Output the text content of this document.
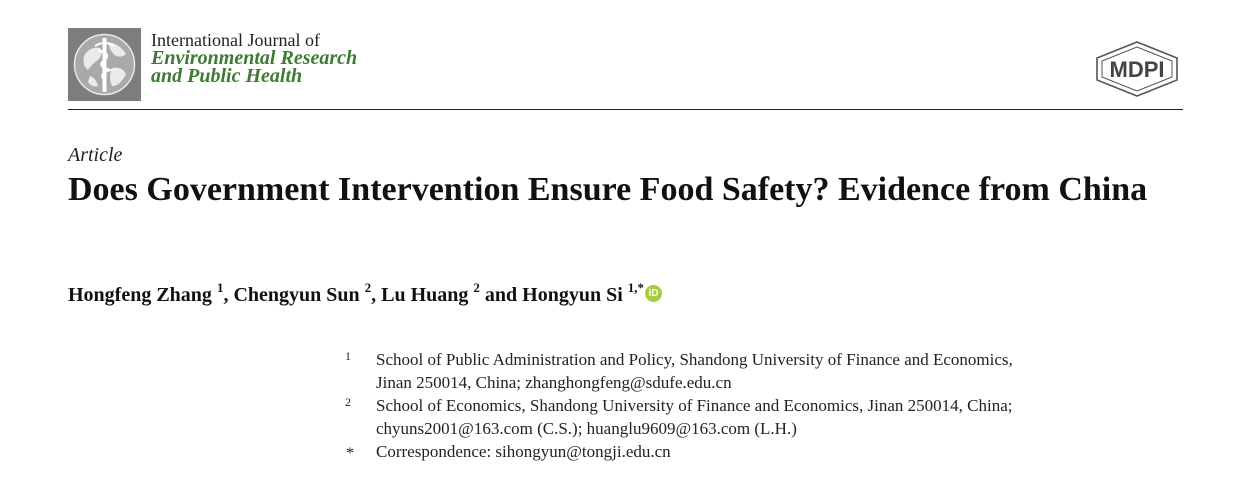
International Journal of
Environmental Research
and Public Health	MDPI
Article
Does Government Intervention Ensure Food Safety? Evidence from China
Hongfeng Zhang $^1$, Chengyun Sun $^2$, Lu Huang $^2$ and Hongyun Si $^{1,*}$ iD
1 School of Public Administration and Policy, Shandong University of Finance and Economics,
Jinan 250014, China; zhanghongfeng@sdufe.edu.cn
2 School of Economics, Shandong University of Finance and Economics, Jinan 250014, China;
chyuns2001@163.com (C.S.); huanglu9609@163.com (L.H.)
* Correspondence: sihongyun@tongji.edu.cn
